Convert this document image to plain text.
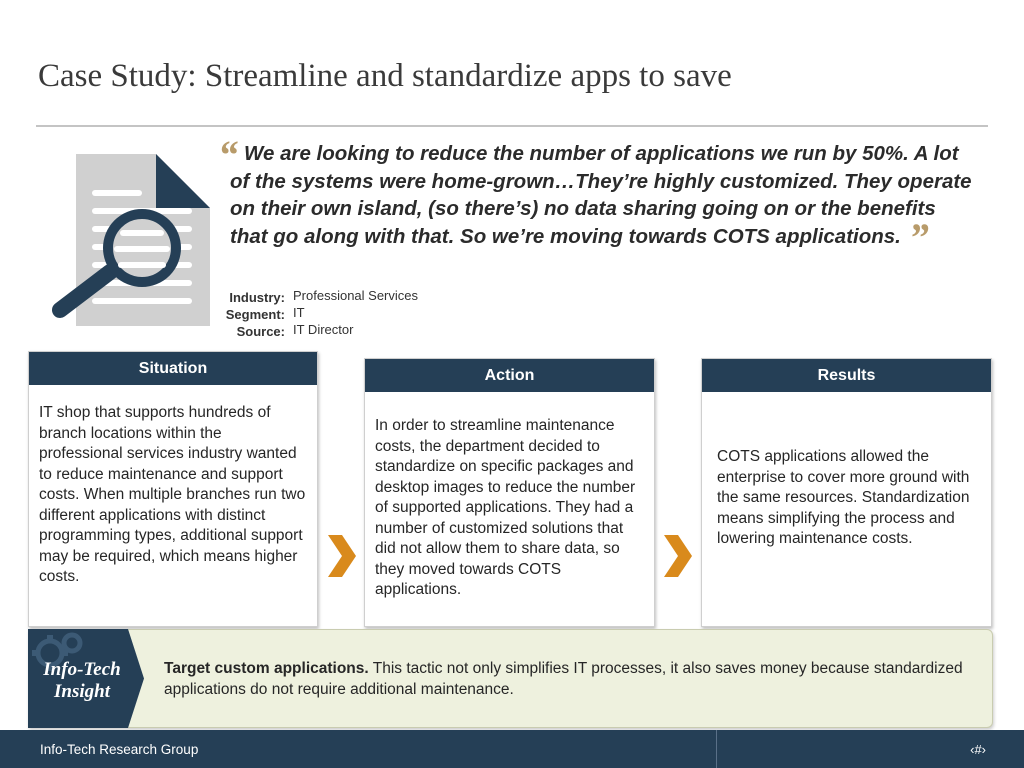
Case Study: Streamline and standardize apps to save
“ We are looking to reduce the number of applications we run by 50%. A lot of the systems were home-grown…They’re highly customized. They operate on their own island, (so there’s) no data sharing going on or the benefits that go along with that. So we’re moving towards COTS applications. ”
Industry: Professional Services
Segment: IT
Source: IT Director
Situation
IT shop that supports hundreds of branch locations within the professional services industry wanted to reduce maintenance and support costs. When multiple branches run two different applications with distinct programming types, additional support may be required, which means higher costs.
Action
In order to streamline maintenance costs, the department decided to standardize on specific packages and desktop images to reduce the number of supported applications. They had a number of customized solutions that did not allow them to share data, so they moved towards COTS applications.
Results
COTS applications allowed the enterprise to cover more ground with the same resources. Standardization means simplifying the process and lowering maintenance costs.
Info-Tech
Insight
Target custom applications. This tactic not only simplifies IT processes, it also saves money because standardized applications do not require additional maintenance.
Info-Tech Research Group	‹#›
